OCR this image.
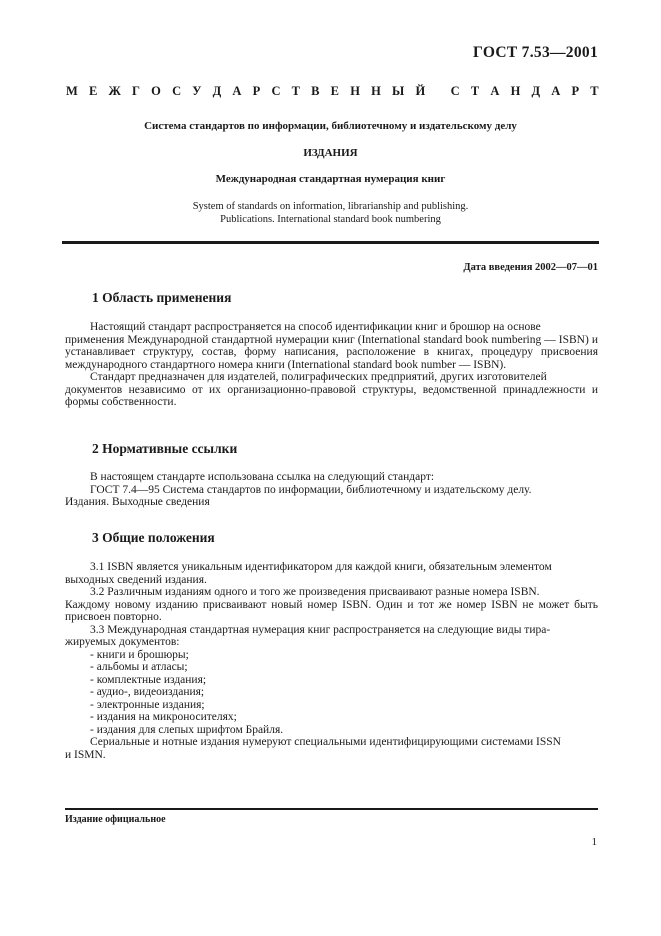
ГОСТ 7.53—2001
М Е Ж Г О С У Д А Р С Т В Е Н Н Ы Й
С Т А Н Д А Р Т
Система стандартов по информации, библиотечному и издательскому делу
ИЗДАНИЯ
Международная стандартная нумерация книг
System of standards on information, librarianship and publishing.
Publications. International standard book numbering
Дата введения 2002—07—01
1 Область применения

Настоящий стандарт распространяется на способ идентификации книг и брошюр на основе

применения Международной стандартной нумерации книг (International standard book numbering — ISBN) и устанавливает структуру, состав, форму написания, расположение в книгах, процедуру присвоения международного стандартного номера книги (International standard book number — ISBN).

Стандарт предназначен для издателей, полиграфических предприятий, других изготовителей

документов независимо от их организационно-правовой структуры, ведомственной принадлежности и формы собственности.

2 Нормативные ссылки

В настоящем стандарте использована ссылка на следующий стандарт:

ГОСТ 7.4—95 Система стандартов по информации, библиотечному и издательскому делу.

Издания. Выходные сведения

3 Общие положения

3.1 ISBN является уникальным идентификатором для каждой книги, обязательным элементом

выходных сведений издания.

3.2 Различным изданиям одного и того же произведения присваивают разные номера ISBN.

Каждому новому изданию присваивают новый номер ISBN. Один и тот же номер ISBN не может быть присвоен повторно.

3.3 Международная стандартная нумерация книг распространяется на следующие виды тира-

жируемых документов:

- книги и брошюры;

- альбомы и атласы;

- комплектные издания;

- аудио-, видеоиздания;

- электронные издания;

- издания на микроносителях;

- издания для слепых шрифтом Брайля.

Сериальные и нотные издания нумеруют специальными идентифицирующими системами ISSN

и ISMN.

Издание официальное
1
